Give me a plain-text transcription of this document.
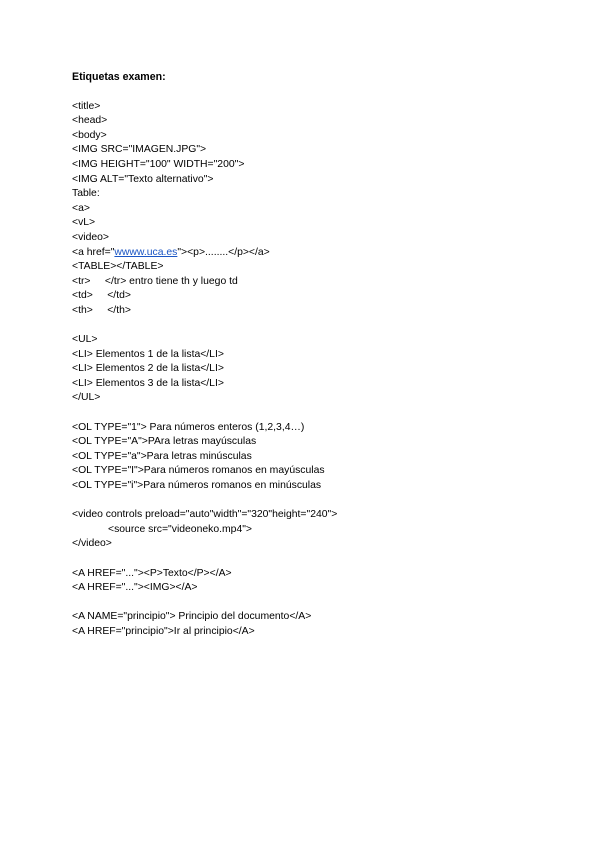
Etiquetas examen:
<title>
<head>
<body>
<IMG SRC="IMAGEN.JPG">
<IMG HEIGHT="100" WIDTH="200">
<IMG ALT="Texto alternativo">
Table:
<a>
<vL>
<video>
<a href="wwww.uca.es"><p>........</p></a>
<TABLE></TABLE>
<tr>     </tr> entro tiene th y luego td
<td>     </td>
<th>     </th>
<UL>
<LI> Elementos 1 de la lista</LI>
<LI> Elementos 2 de la lista</LI>
<LI> Elementos 3 de la lista</LI>
</UL>
<OL TYPE="1"> Para números enteros (1,2,3,4…)
<OL TYPE="A">PAra letras mayúsculas
<OL TYPE="a">Para letras minúsculas
<OL TYPE="I">Para números romanos en mayúsculas
<OL TYPE="i">Para números romanos en minúsculas
<video controls preload="auto"width"="320"height="240">
<source src="videoneko.mp4">
</video>
<A HREF="..."><P>Texto</P></A>
<A HREF="..."><IMG></A>
<A NAME="principio"> Principio del documento</A>
<A HREF="principio">Ir al principio</A>
